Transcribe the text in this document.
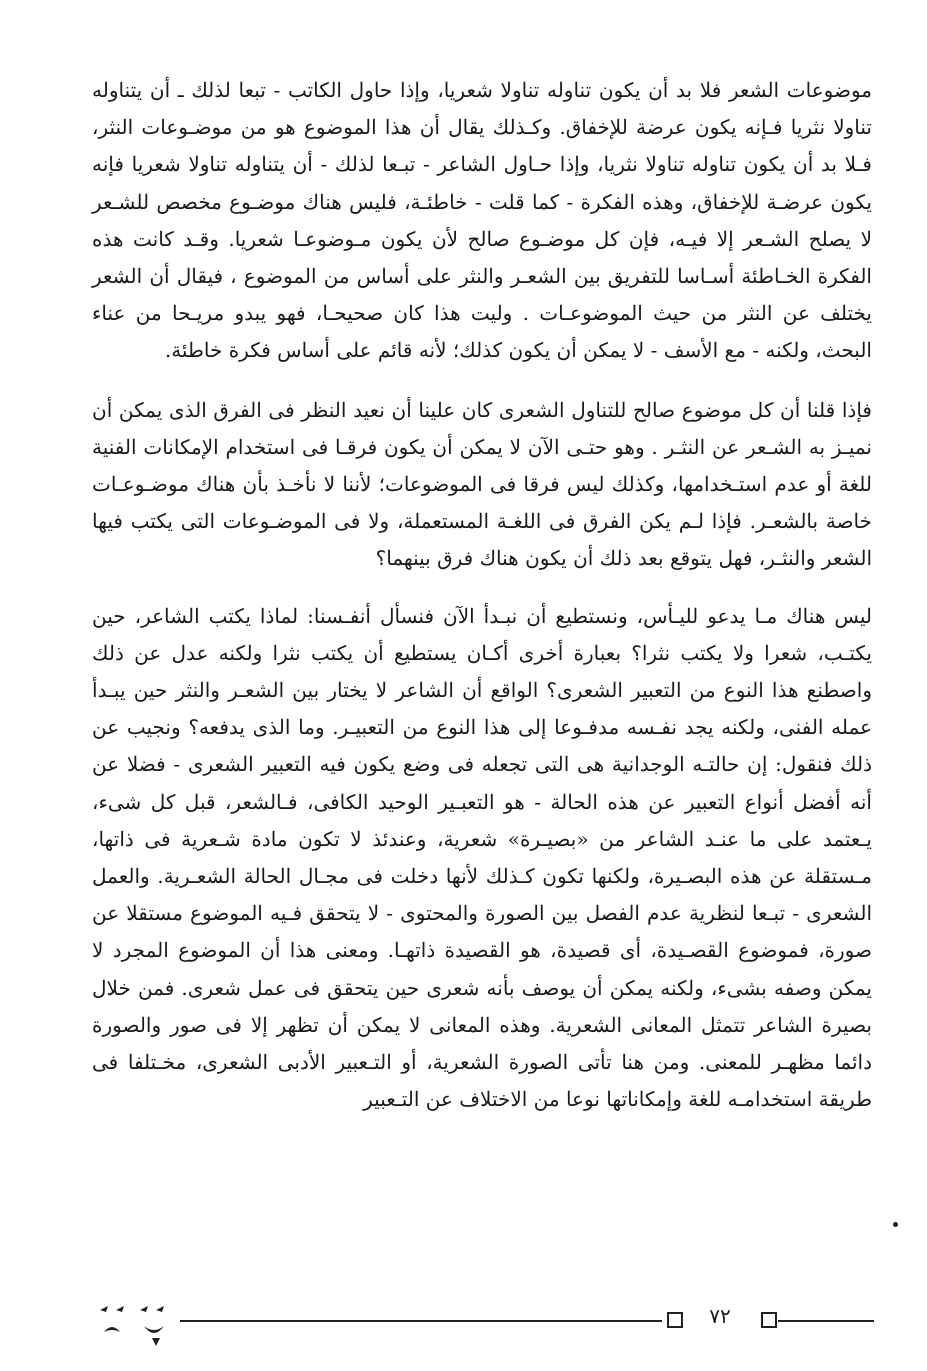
موضوعات الشعر فلا بد أن يكون تناوله تناولا شعريا، وإذا حاول الكاتب - تبعا لذلك ـ أن يتناوله تناولا نثريا فـإنه يكون عرضة للإخفاق. وكـذلك يقال أن هذا الموضوع هو من موضـوعات النثر، فـلا بد أن يكون تناوله تناولا نثريا، وإذا حـاول الشاعر - تبـعا لذلك - أن يتناوله تناولا شعريا فإنه يكون عرضـة للإخفاق، وهذه الفكرة - كما قلت - خاطئـة، فليس هناك موضـوع مخصص للشـعر لا يصلح الشـعر إلا فيـه، فإن كل موضـوع صالح لأن يكون مـوضوعـا شعريا. وقـد كانت هذه الفكرة الخـاطئة أسـاسا للتفريق بين الشعـر والنثر على أساس من الموضوع ، فيقال أن الشعر يختلف عن النثر من حيث الموضوعـات . وليت هذا كان صحيحـا، فهو يبدو مريـحا من عناء البحث، ولكنه - مع الأسف - لا يمكن أن يكون كذلك؛ لأنه قائم على أساس فكرة خاطئة.

فإذا قلنا أن كل موضوع صالح للتناول الشعرى كان علينا أن نعيد النظر فى الفرق الذى يمكن أن نميـز به الشـعر عن النثـر . وهو حتـى الآن لا يمكن أن يكون فرقـا فى استخدام الإمكانات الفنية للغة أو عدم استـخدامها، وكذلك ليس فرقا فى الموضوعات؛ لأننا لا نأخـذ بأن هناك موضـوعـات خاصة بالشعـر. فإذا لـم يكن الفرق فى اللغـة المستعملة، ولا فى الموضـوعات التى يكتب فيها الشعر والنثـر، فهل يتوقع بعد ذلك أن يكون هناك فرق بينهما؟

ليس هناك مـا يدعو لليـأس، ونستطيع أن نبـدأ الآن فنسأل أنفـسنا: لماذا يكتب الشاعر، حين يكتـب، شعرا ولا يكتب نثرا؟ بعبارة أخرى أكـان يستطيع أن يكتب نثرا ولكنه عدل عن ذلك واصطنع هذا النوع من التعبير الشعرى؟ الواقع أن الشاعر لا يختار بين الشعـر والنثر حين يبـدأ عمله الفنى، ولكنه يجد نفـسه مدفـوعا إلى هذا النوع من التعبيـر. وما الذى يدفعه؟ ونجيب عن ذلك فنقول: إن حالتـه الوجدانية هى التى تجعله فى وضع يكون فيه التعبير الشعرى - فضلا عن أنه أفضل أنواع التعبير عن هذه الحالة - هو التعبـير الوحيد الكافى، فـالشعر، قبل كل شىء، يـعتمد على ما عنـد الشاعر من «بصيـرة» شعرية، وعندئذ لا تكون مادة شـعرية فى ذاتها، مـستقلة عن هذه البصـيرة، ولكنها تكون كـذلك لأنها دخلت فى مجـال الحالة الشعـرية. والعمل الشعرى - تبـعا لنظرية عدم الفصل بين الصورة والمحتوى - لا يتحقق فـيه الموضوع مستقلا عن صورة، فموضوع القصـيدة، أى قصيدة، هو القصيدة ذاتهـا. ومعنى هذا أن الموضوع المجرد لا يمكن وصفه بشىء، ولكنه يمكن أن يوصف بأنه شعرى حين يتحقق فى عمل شعرى. فمن خلال بصيرة الشاعر تتمثل المعانى الشعرية. وهذه المعانى لا يمكن أن تظهر إلا فى صور والصورة دائما مظهـر للمعنى. ومن هنا تأتى الصورة الشعرية، أو التـعبير الأدبى الشعرى، مخـتلفا فى طريقة استخدامـه للغة وإمكاناتها نوعا من الاختلاف عن التـعبير

٧٢
